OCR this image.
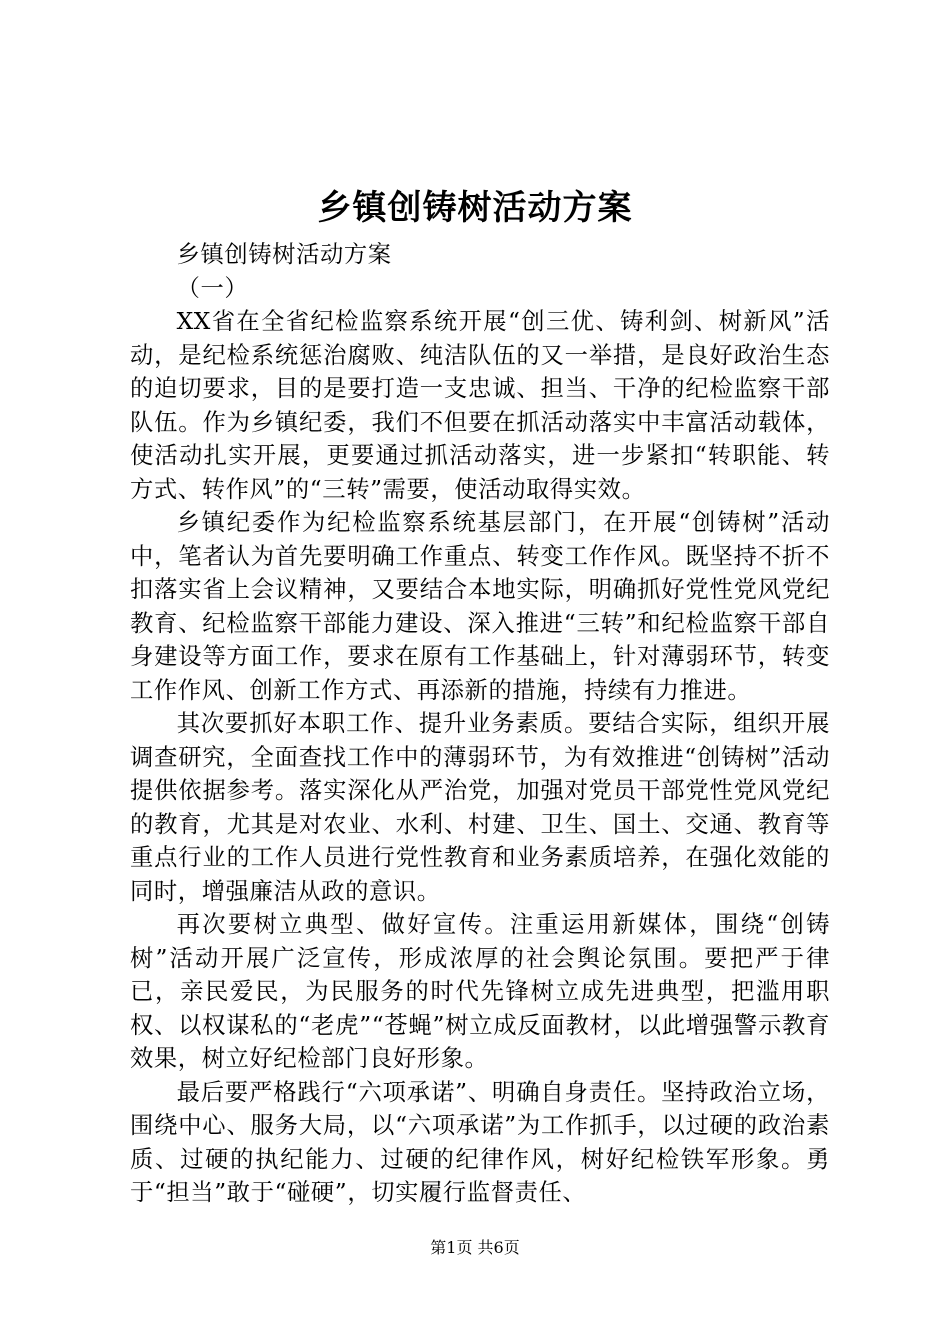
乡镇创铸树活动方案

乡镇创铸树活动方案

（一）

XX省在全省纪检监察系统开展“创三优、铸利剑、树新风”活动，是纪检系统惩治腐败、纯洁队伍的又一举措，是良好政治生态的迫切要求，目的是要打造一支忠诚、担当、干净的纪检监察干部队伍。作为乡镇纪委，我们不但要在抓活动落实中丰富活动载体，使活动扎实开展，更要通过抓活动落实，进一步紧扣“转职能、转方式、转作风”的“三转”需要，使活动取得实效。

乡镇纪委作为纪检监察系统基层部门，在开展“创铸树”活动中，笔者认为首先要明确工作重点、转变工作作风。既坚持不折不扣落实省上会议精神，又要结合本地实际，明确抓好党性党风党纪教育、纪检监察干部能力建设、深入推进“三转”和纪检监察干部自身建设等方面工作，要求在原有工作基础上，针对薄弱环节，转变工作作风、创新工作方式、再添新的措施，持续有力推进。

其次要抓好本职工作、提升业务素质。要结合实际，组织开展调查研究，全面查找工作中的薄弱环节，为有效推进“创铸树”活动提供依据参考。落实深化从严治党，加强对党员干部党性党风党纪的教育，尤其是对农业、水利、村建、卫生、国土、交通、教育等重点行业的工作人员进行党性教育和业务素质培养，在强化效能的同时，增强廉洁从政的意识。

再次要树立典型、做好宣传。注重运用新媒体，围绕“创铸树”活动开展广泛宣传，形成浓厚的社会舆论氛围。要把严于律已，亲民爱民，为民服务的时代先锋树立成先进典型，把滥用职权、以权谋私的“老虎”“苍蝇”树立成反面教材，以此增强警示教育效果，树立好纪检部门良好形象。

最后要严格践行“六项承诺”、明确自身责任。坚持政治立场，围绕中心、服务大局，以“六项承诺”为工作抓手，以过硬的政治素质、过硬的执纪能力、过硬的纪律作风，树好纪检铁军形象。勇于“担当”敢于“碰硬”，切实履行监督责任、

第1页 共6页
